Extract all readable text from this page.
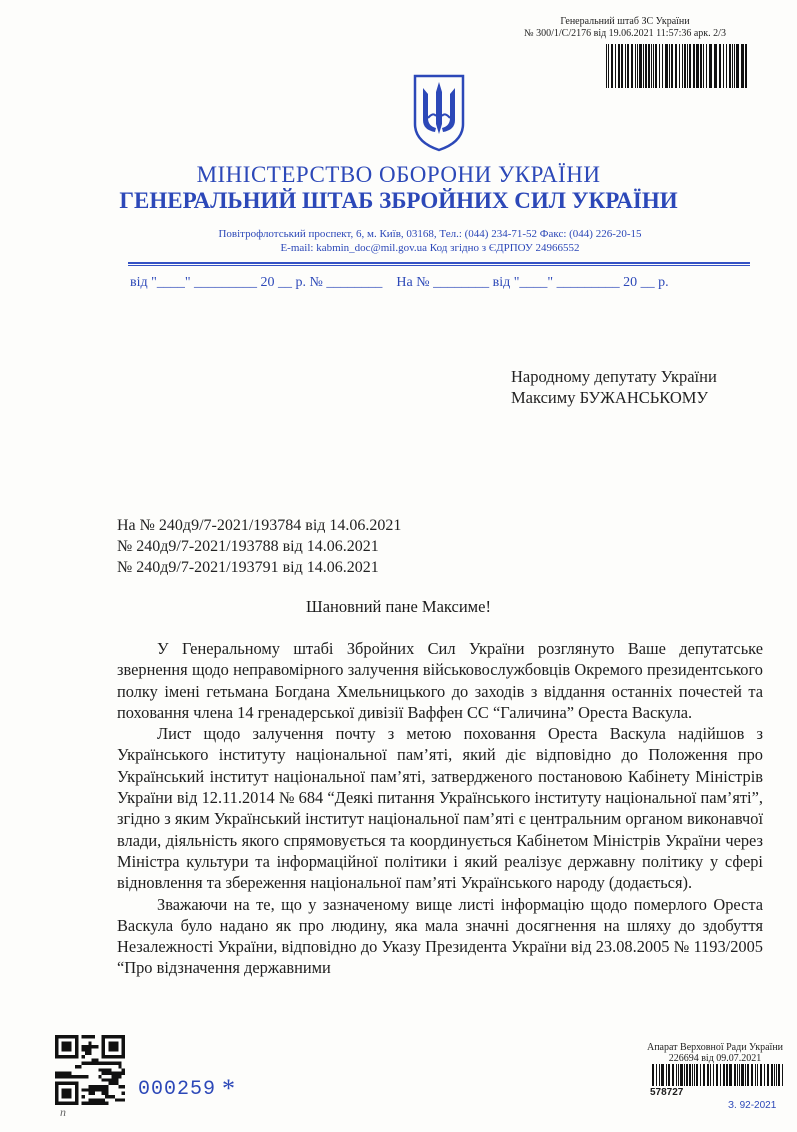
Генеральний штаб ЗС України
№ 300/1/С/2176 від 19.06.2021 11:57:36 арк. 2/3
МІНІСТЕРСТВО ОБОРОНИ УКРАЇНИ
ГЕНЕРАЛЬНИЙ ШТАБ ЗБРОЙНИХ СИЛ УКРАЇНИ
Повітрофлотський проспект, 6, м. Київ, 03168, Тел.: (044) 234-71-52 Факс: (044) 226-20-15
E-mail: kabmin_doc@mil.gov.ua Код згідно з ЄДРПОУ 24966552
від "____" _________ 20 __ р. № ________    На № ________ від "____" _________ 20 __ р.
Народному депутату України
Максиму БУЖАНСЬКОМУ
На № 240д9/7-2021/193784 від 14.06.2021
№ 240д9/7-2021/193788 від 14.06.2021
№ 240д9/7-2021/193791 від 14.06.2021
Шановний пане Максиме!

У Генеральному штабі Збройних Сил України розглянуто Ваше депутатське звернення щодо неправомірного залучення військовослужбовців Окремого президентського полку імені гетьмана Богдана Хмельницького до заходів з віддання останніх почестей та поховання члена 14 гренадерської дивізії Ваффен СС “Галичина” Ореста Васкула.

Лист щодо залучення почту з метою поховання Ореста Васкула надійшов з Українського інституту національної пам’яті, який діє відповідно до Положення про Український інститут національної пам’яті, затвердженого постановою Кабінету Міністрів України від 12.11.2014 № 684 “Деякі питання Українського інституту національної пам’яті”, згідно з яким Український інститут національної пам’яті є центральним органом виконавчої влади, діяльність якого спрямовується та координується Кабінетом Міністрів України через Міністра культури та інформаційної політики і який реалізує державну політику у сфері відновлення та збереження національної пам’яті Українського народу (додається).

Зважаючи на те, що у зазначеному вище листі інформацію щодо померлого Ореста Васкула було надано як про людину, яка мала значні досягнення на шляху до здобуття Незалежності України, відповідно до Указу Президента України від 23.08.2005 № 1193/2005 “Про відзначення державними

000259 *
n
Апарат Верховної Ради України
226694 від 09.07.2021
578727
З. 92-2021
